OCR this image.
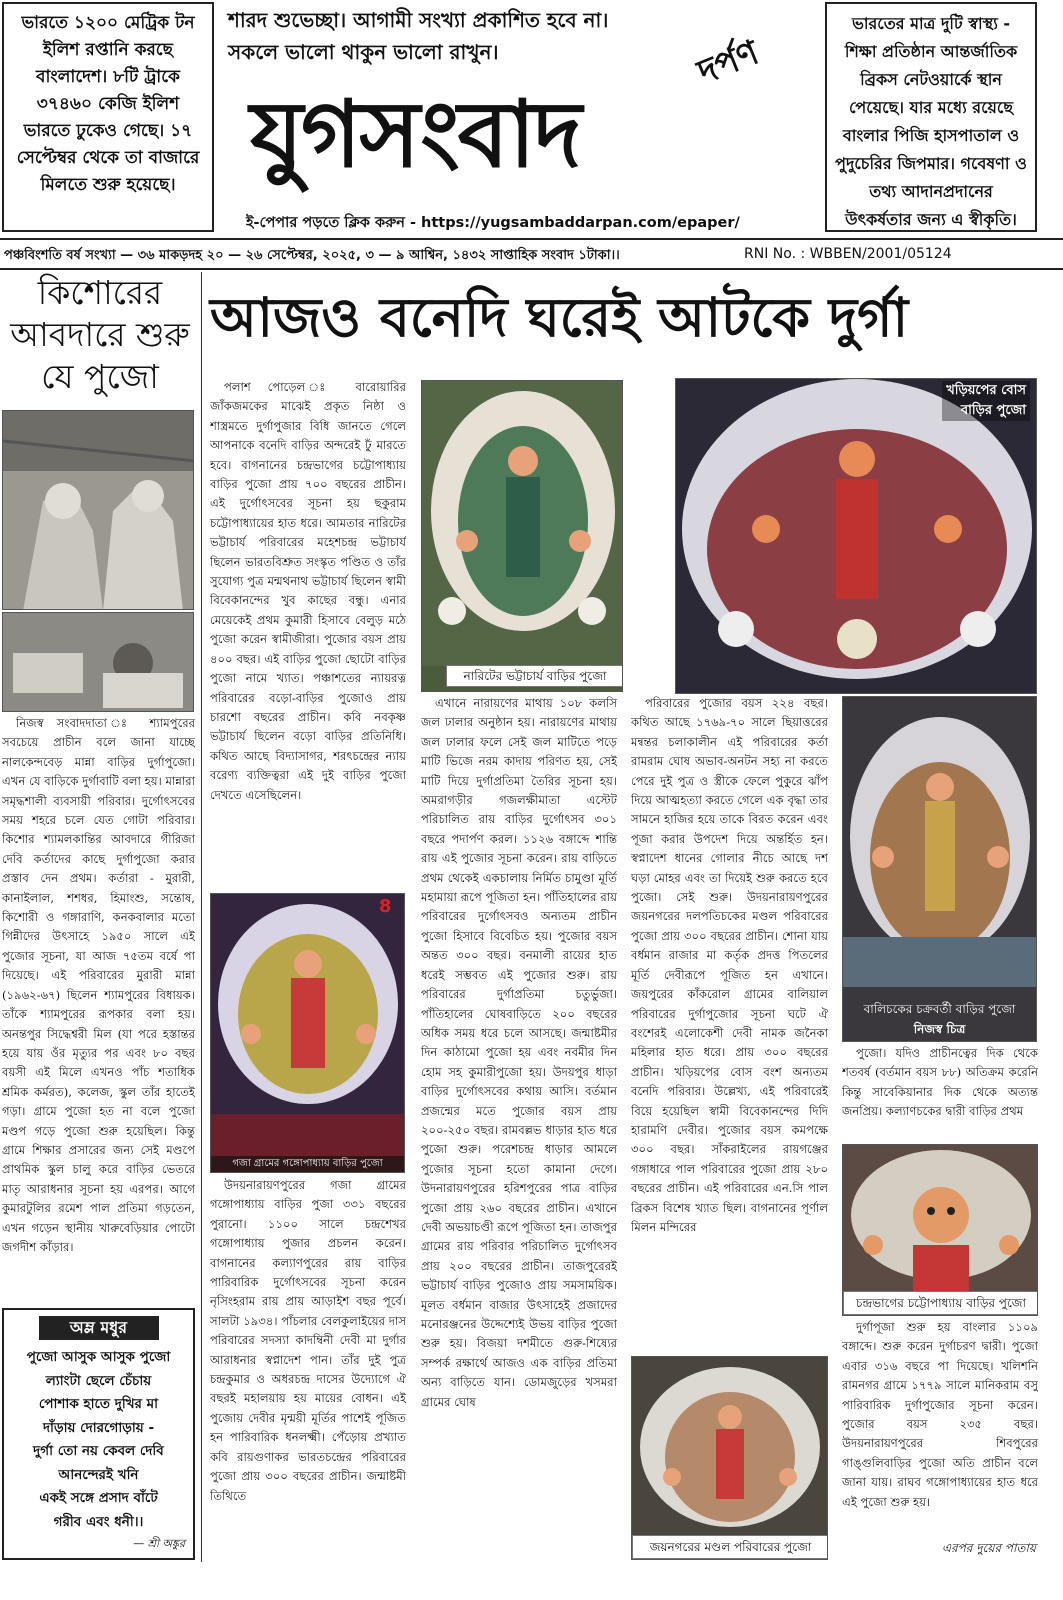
ভারতে ১২০০ মেট্রিক টন ইলিশ রপ্তানি করছে বাংলাদেশ। ৮টি ট্রাকে ৩৭৪৬০ কেজি ইলিশ ভারতে ঢুকেও গেছে। ১৭ সেপ্টেম্বর থেকে তা বাজারে মিলতে শুরু হয়েছে।
ভারতের মাত্র দুটি স্বাস্থ্য - শিক্ষা প্রতিষ্ঠান আন্তর্জাতিক ব্রিকস নেটওয়ার্কে স্থান পেয়েছে। যার মধ্যে রয়েছে বাংলার পিজি হাসপাতাল ও পুদুচেরির জিপমার। গবেষণা ও তথ্য আদানপ্রদানের উৎকর্ষতার জন্য এ স্বীকৃতি।
শারদ শুভেচ্ছা। আগামী সংখ্যা প্রকাশিত হবে না।
সকলে ভালো থাকুন ভালো রাখুন।
যুগসংবাদ
দর্পণ
ই-পেপার পড়তে ক্লিক করুন - https://yugsambaddarpan.com/epaper/
পঞ্চবিংশতি বর্ষ সংখ্যা — ৩৬ মাকড়দহ ২০ — ২৬ সেপ্টেম্বর, ২০২৫, ৩ — ৯ আশ্বিন, ১৪৩২ সাপ্তাহিক সংবাদ ১টাকা।।	RNI No. : WBBEN/2001/05124
কিশোরের আবদারে শুরু যে পুজো

নিজস্ব সংবাদদাতা ঃ শ্যামপুরের সবচেয়ে প্রাচীন বলে জানা যাচ্ছে নালকেন্দবেড় মান্না বাড়ির দুর্গাপুজো। এখন যে বাড়িকে দুর্গাবাটি বলা হয়। মান্নারা সমৃদ্ধশালী ব্যবসায়ী পরিবার। দুর্গোৎসবের সময় শহরে চলে যেত গোটা পরিবার। কিশোর শ্যামলকান্তির আবদারে গীরিজা দেবি কর্তাদের কাছে দুর্গাপুজো করার প্রস্তাব দেন প্রথম। কর্তারা - মুরারী, কানাইলাল, শশধর, হিমাংশু, সন্তোষ, কিশোরী ও গঙ্গারাণি, কনকবালার মতো গিন্নীদের উৎসাহে ১৯৫০ সালে এই পুজোর সূচনা, যা আজ ৭৫তম বর্ষে পা দিয়েছে। এই পরিবারের মুরারী মান্না (১৯৬২-৬৭) ছিলেন শ্যামপুরের বিধায়ক। তাঁকে শ্যামপুরের রূপকার বলা হয়। অনন্তপুর সিদ্ধেশ্বরী মিল (যা পরে হস্তান্তর হয়ে যায় ওঁর মৃত্যুর পর এবং ৮০ বছর বয়সী এই মিলে এখনও পাঁচ শতাধিক শ্রমিক কর্মরত), কলেজ, স্কুল তাঁর হাতেই গড়া। গ্রামে পুজো হত না বলে পুজো মণ্ডপ গড়ে পুজো শুরু হয়েছিল। কিন্তু গ্রামে শিক্ষার প্রসারের জন্য সেই মণ্ডপে প্রাথমিক স্কুল চালু করে বাড়ির ভেতরে মাতৃ আরাধনার সূচনা হয় এরপর। আগে কুমারটুলির রমেশ পাল প্রতিমা গড়তেন, এখন গড়েন স্থানীয় খারুবেড়িয়ার পোটো জগদীশ কাঁড়ার।

অম্ল মধুর
পুজো আসুক আসুক পুজো
ল্যাংটা ছেলে চেঁচায়
পোশাক হাতে দুখির মা
দাঁড়ায় দোরগোড়ায় -
দুর্গা তো নয় কেবল দেবি
আনন্দেরই খনি
একই সঙ্গে প্রসাদ বাঁটে
গরীব এবং ধনী।।
— শ্রী অঙ্কুর
আজও বনেদি ঘরেই আটকে দুর্গা

পলাশ পোড়েল ঃ বারোয়ারির জাঁকজমকের মাঝেই প্রকৃত নিষ্ঠা ও শাস্ত্রমতে দুর্গাপুজার বিধি জানতে গেলে আপনাকে বনেদি বাড়ির অন্দরেই ঢুঁ মারতে হবে। বাগনানের চন্দ্রভাগের চট্টোপাধ্যায় বাড়ির পুজো প্রায় ৭০০ বছরের প্রাচীন। এই দুর্গোৎসবের সূচনা হয় ছকুরাম চট্টোপাধ্যায়ের হাত ধরে। আমতার নারিটের ভট্টাচার্য পরিবারের মহেশচন্দ্র ভট্টাচার্য ছিলেন ভারতবিশ্রুত সংস্কৃত পণ্ডিত ও তাঁর সুযোগ্য পুত্র মন্মথনাথ ভট্টাচার্য ছিলেন স্বামী বিবেকানন্দের খুব কাছের বন্ধু। এনার মেয়েকেই প্রথম কুমারী হিসাবে বেলুড় মঠে পুজো করেন স্বামীজীরা। পুজোর বয়স প্রায় ৪০০ বছর। এই বাড়ির পুজো ছোটো বাড়ির পুজো নামে খ্যাত। পঞ্চাশতের ন্যায়রত্ন পরিবারের বড়ো-বাড়ির পুজোও প্রায় চারশো বছরের প্রাচীন। কবি নবকৃষ্ণ ভট্টাচার্য ছিলেন বড়ো বাড়ির প্রতিনিধি। কথিত আছে বিদ্যাসাগর, শরৎচন্দ্রের ন্যায় বরেণ্য ব্যক্তিত্বরা এই দুই বাড়ির পুজো দেখতে এসেছিলেন।

8
গজা গ্রামের গঙ্গোপাধ্যায় বাড়ির পুজো

উদয়নারায়ণপুরের গজা গ্রামের গঙ্গোপাধ্যায় বাড়ির পুজা ৩৩১ বছরের পুরানো। ১১০০ সালে চন্দ্রশেখর গঙ্গোপাধ্যায় পুজার প্রচলন করেন। বাগনানের কল্যাণপুরের রায় বাড়ির পারিবারিক দুর্গোৎসবের সূচনা করেন নৃসিংহরাম রায় প্রায় আড়াইশ বছর পূর্বে। সালটা ১৯৩৪। পাঁচলার বেলকুলাইয়ের দাস পরিবারের সদস্যা কাদম্বিনী দেবী মা দুর্গার আরাধনার স্বপ্নাদেশ পান। তাঁর দুই পুত্র চন্দ্রকুমার ও অধরচন্দ্র দাসের উদ্যোগে ঐ বছরই মহালয়ায় হয় মায়ের বোধন। এই পুজোয় দেবীর মৃন্ময়ী মূর্তির পাশেই পূজিত হন পারিবারিক ধনলক্ষ্মী। পেঁড়োয় প্রখ্যাত কবি রায়গুণাকর ভারতচন্দ্রের পরিবারের পুজো প্রায় ৩০০ বছরের প্রাচীন। জন্মাষ্টমী তিথিতে

নারিটের ভট্টাচার্য বাড়ির পুজো
খড়িয়পের বোস
বাড়ির পুজো

এখানে নারায়ণের মাথায় ১০৮ কলসি জল ঢালার অনুষ্ঠান হয়। নারায়ণের মাথায় জল ঢালার ফলে সেই জল মাটিতে পড়ে মাটি ভিজে নরম কাদায় পরিণত হয়, সেই মাটি দিয়ে দুর্গাপ্রতিমা তৈরির সূচনা হয়। অমরাগড়ীর গজলক্ষীমাতা এস্টেট পরিচালিত রায় বাড়ির দুর্গোৎসব ৩০১ বছরে পদার্পণ করল। ১১২৬ বঙ্গাব্দে শান্তি রায় এই পুজোর সূচনা করেন। রায় বাড়িতে প্রথম থেকেই একচালায় নির্মিত চামুণ্ডা মূর্তি মহামায়া রূপে পূজিতা হন। পাঁতিহালের রায় পরিবারের দুর্গোৎসবও অন্যতম প্রাচীন পুজো হিসাবে বিবেচিত হয়। পুজোর বয়স অন্তত ৩০০ বছর। বনমালী রায়ের হাত ধরেই সম্ভবত এই পুজোর শুরু। রায় পরিবারের দুর্গাপ্রতিমা চতুর্ভুজা। পাঁতিহালের ঘোষবাড়িতে ২০০ বছরের অধিক সময় ধরে চলে আসছে। জন্মাষ্টমীর দিন কাঠামো পুজো হয় এবং নবমীর দিন হোম সহ কুমারীপুজো হয়। উদয়পুর ধাড়া বাড়ির দুর্গোৎসবের কথায় আসি। বর্তমান প্রজন্মের মতে পুজোর বয়স প্রায় ২০০-২৫০ বছর। রামবল্লভ ধাড়ার হাত ধরে পুজো শুরু। পরেশচন্দ্র ধাড়ার আমলে পুজোর সূচনা হতো কামানা দেগে। উদনারায়ণপুরের হরিশপুরের পাত্র বাড়ির পুজো প্রায় ২৬০ বছরের প্রাচীন। এখানে দেবী অভয়াচণ্ডী রূপে পূজিতা হন। তাজপুর গ্রামের রায় পরিবার পরিচালিত দুর্গোৎসব প্রায় ২০০ বছরের প্রাচীন। তাজপুরেরই ভট্টাচার্য বাড়ির পুজোও প্রায় সমসাময়িক। মূলত বর্ধমান বাজার উৎসাহেই প্রজাদের মনোরঞ্জনের উদ্দেশ্যেই উভয় বাড়ির পুজো শুরু হয়। বিজয়া দশমীতে গুরু-শিষ্যের সম্পর্ক রক্ষার্থে আজও এক বাড়ির প্রতিমা অন্য বাড়িতে যান। ডোমজুড়ের খসমরা গ্রামের ঘোষ

পরিবারের পুজোর বয়স ২২৪ বছর। কথিত আছে ১৭৬৯-৭০ সালে ছিয়াত্তরের মন্বন্তর চলাকালীন এই পরিবারের কর্তা রামরাম ঘোষ অভাব-অনটন সহ্য না করতে পেরে দুই পুত্র ও স্ত্রীকে ফেলে পুকুরে ঝাঁপ দিয়ে আত্মহত্যা করতে গেলে এক বৃদ্ধা তার সামনে হাজির হয়ে তাকে বিরত করেন এবং পূজা করার উপদেশ দিয়ে অন্তর্হিত হন। স্বপ্নাদেশ ধানের গোলার নীচে আছে দশ ঘড়া মোহর এবং তা দিয়েই শুরু করতে হবে পুজো। সেই শুরু। উদয়নারায়ণপুরের জয়নগরের দলপতিচকের মণ্ডল পরিবারের পুজো প্রায় ৩০০ বছরের প্রাচীন। শোনা যায় বর্ধমান রাজার মা কর্তৃক প্রদত্ত পিতলের মূর্তি দেবীরূপে পূজিত হন এখানে। জয়পুরের কাঁকরোল গ্রামের বালিয়াল পরিবারের দুর্গাপুজোর সূচনা ঘটে ঐ বংশেরই এলোকেশী দেবী নামক জনৈকা মহিলার হাত ধরে। প্রায় ৩০০ বছরের প্রাচীন। খড়িয়পের বোস বংশ অন্যতম বনেদি পরিবার। উল্লেখ্য, এই পরিবারেই বিয়ে হয়েছিল স্বামী বিবেকানন্দের দিদি হারামণি দেবীর। পুজোর বয়স কমপক্ষে ৩০০ বছর। সাঁকরাইলের রায়গঞ্জের গঙ্গাধারে পাল পরিবারের পুজো প্রায় ২৮০ বছরের প্রাচীন। এই পরিবারের এন.সি পাল ব্রিকস বিশেষ খ্যাত ছিল। বাগনানের পূর্ণাল মিলন মন্দিরের

জয়নগরের মণ্ডল পরিবারের পুজো
বালিচকের চক্রবর্তী বাড়ির পুজো
নিজস্ব চিত্র

পুজো। যদিও প্রাচীনত্বের দিক থেকে শতবর্ষ (বর্তমান বয়স ৮৮) অতিক্রম করেনি কিন্তু সাবেকিয়ানার দিক থেকে অত্যন্ত জনপ্রিয়। কল্যাণচকের দ্বারী বাড়ির প্রথম

চন্দ্রভাগের চট্টোপাধ্যায় বাড়ির পুজো

দুর্গাপূজা শুরু হয় বাংলার ১১০৯ বঙ্গাব্দে। শুরু করেন দুর্গাচরণ দ্বারী। পুজো এবার ৩১৬ বছরে পা দিয়েছে। খলিশনি রামনগর গ্রামে ১৭৭৯ সালে মানিকরাম বসু পারিবারিক দুর্গাপুজোর সূচনা করেন। পুজোর বয়স ২৩৫ বছর। উদয়নারায়ণপুরের শিবপুরের গাঙ্গুলিবাড়ির পুজো অতি প্রাচীন বলে জানা যায়। রাঘব গঙ্গোপাধ্যায়ের হাত ধরে এই পুজো শুরু হয়।

এরপর দুয়ের পাতায়
